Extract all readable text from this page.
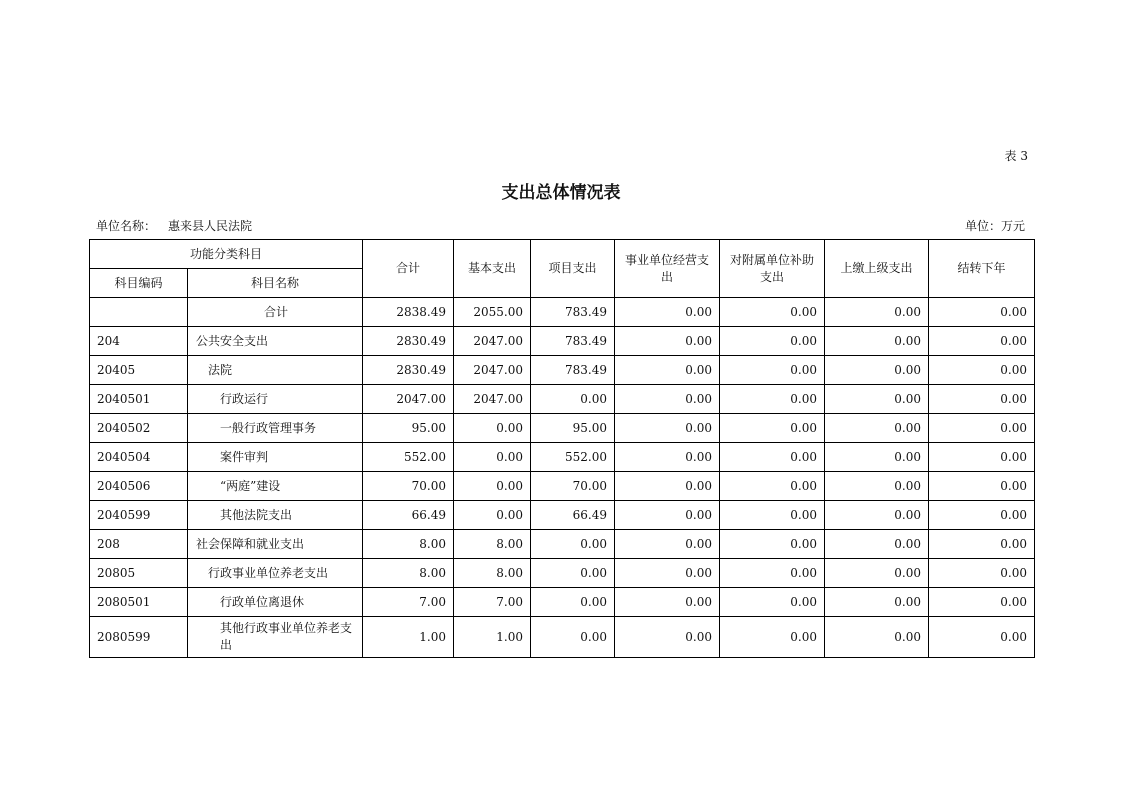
表 3
支出总体情况表
单位名称： 惠来县人民法院	单位：万元
功能分类科目		合计	基本支出	项目支出	事业单位经营支出	对附属单位补助支出	上缴上级支出	结转下年
科目编码	科目名称							
	合计	2838.49	2055.00	783.49	0.00	0.00	0.00	0.00
204	公共安全支出	2830.49	2047.00	783.49	0.00	0.00	0.00	0.00
20405	法院	2830.49	2047.00	783.49	0.00	0.00	0.00	0.00
2040501	行政运行	2047.00	2047.00	0.00	0.00	0.00	0.00	0.00
2040502	一般行政管理事务	95.00	0.00	95.00	0.00	0.00	0.00	0.00
2040504	案件审判	552.00	0.00	552.00	0.00	0.00	0.00	0.00
2040506	“两庭”建设	70.00	0.00	70.00	0.00	0.00	0.00	0.00
2040599	其他法院支出	66.49	0.00	66.49	0.00	0.00	0.00	0.00
208	社会保障和就业支出	8.00	8.00	0.00	0.00	0.00	0.00	0.00
20805	行政事业单位养老支出	8.00	8.00	0.00	0.00	0.00	0.00	0.00
2080501	行政单位离退休	7.00	7.00	0.00	0.00	0.00	0.00	0.00
2080599	其他行政事业单位养老支出	1.00	1.00	0.00	0.00	0.00	0.00	0.00
